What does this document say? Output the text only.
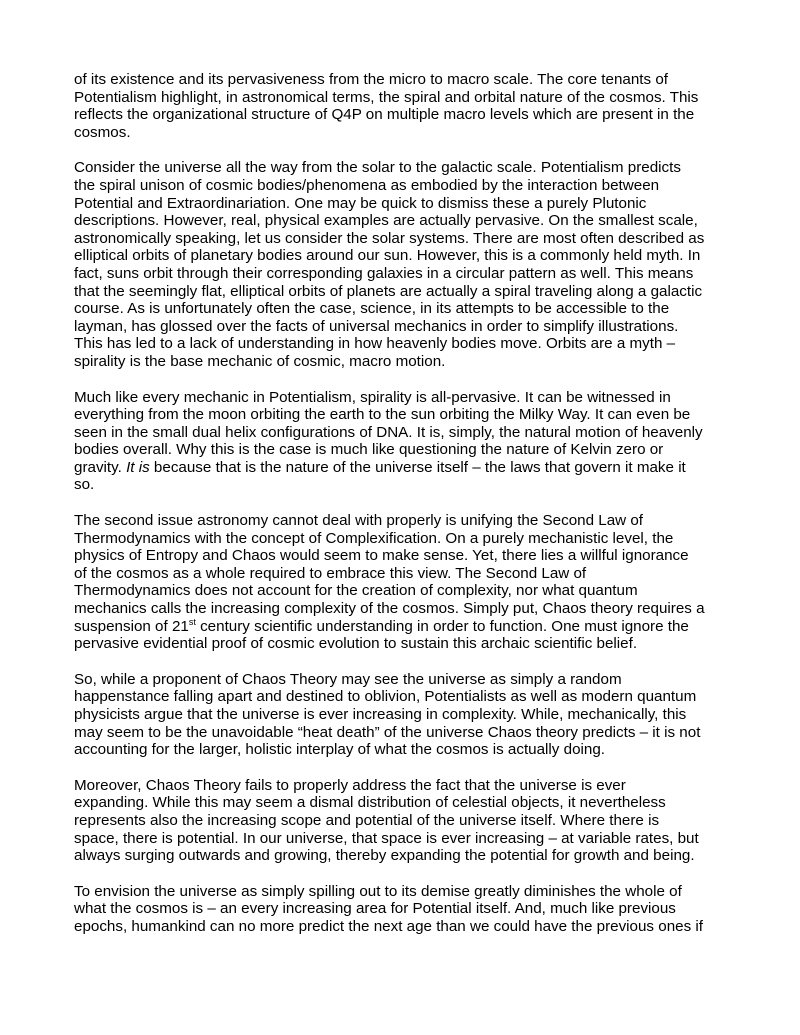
of its existence and its pervasiveness from the micro to macro scale. The core tenants of
Potentialism highlight, in astronomical terms, the spiral and orbital nature of the cosmos. This
reflects the organizational structure of Q4P on multiple macro levels which are present in the
cosmos.

Consider the universe all the way from the solar to the galactic scale. Potentialism predicts
the spiral unison of cosmic bodies/phenomena as embodied by the interaction between
Potential and Extraordinariation. One may be quick to dismiss these a purely Plutonic
descriptions. However, real, physical examples are actually pervasive. On the smallest scale,
astronomically speaking, let us consider the solar systems. There are most often described as
elliptical orbits of planetary bodies around our sun. However, this is a commonly held myth. In
fact, suns orbit through their corresponding galaxies in a circular pattern as well. This means
that the seemingly flat, elliptical orbits of planets are actually a spiral traveling along a galactic
course. As is unfortunately often the case, science, in its attempts to be accessible to the
layman, has glossed over the facts of universal mechanics in order to simplify illustrations.
This has led to a lack of understanding in how heavenly bodies move. Orbits are a myth –
spirality is the base mechanic of cosmic, macro motion.

Much like every mechanic in Potentialism, spirality is all-pervasive. It can be witnessed in
everything from the moon orbiting the earth to the sun orbiting the Milky Way. It can even be
seen in the small dual helix configurations of DNA. It is, simply, the natural motion of heavenly
bodies overall. Why this is the case is much like questioning the nature of Kelvin zero or
gravity. It is because that is the nature of the universe itself – the laws that govern it make it
so.

The second issue astronomy cannot deal with properly is unifying the Second Law of
Thermodynamics with the concept of Complexification. On a purely mechanistic level, the
physics of Entropy and Chaos would seem to make sense. Yet, there lies a willful ignorance
of the cosmos as a whole required to embrace this view. The Second Law of
Thermodynamics does not account for the creation of complexity, nor what quantum
mechanics calls the increasing complexity of the cosmos. Simply put, Chaos theory requires a
suspension of 21st century scientific understanding in order to function. One must ignore the
pervasive evidential proof of cosmic evolution to sustain this archaic scientific belief.

So, while a proponent of Chaos Theory may see the universe as simply a random
happenstance falling apart and destined to oblivion, Potentialists as well as modern quantum
physicists argue that the universe is ever increasing in complexity. While, mechanically, this
may seem to be the unavoidable “heat death” of the universe Chaos theory predicts – it is not
accounting for the larger, holistic interplay of what the cosmos is actually doing.

Moreover, Chaos Theory fails to properly address the fact that the universe is ever
expanding. While this may seem a dismal distribution of celestial objects, it nevertheless
represents also the increasing scope and potential of the universe itself. Where there is
space, there is potential. In our universe, that space is ever increasing – at variable rates, but
always surging outwards and growing, thereby expanding the potential for growth and being.

To envision the universe as simply spilling out to its demise greatly diminishes the whole of
what the cosmos is – an every increasing area for Potential itself. And, much like previous
epochs, humankind can no more predict the next age than we could have the previous ones if
